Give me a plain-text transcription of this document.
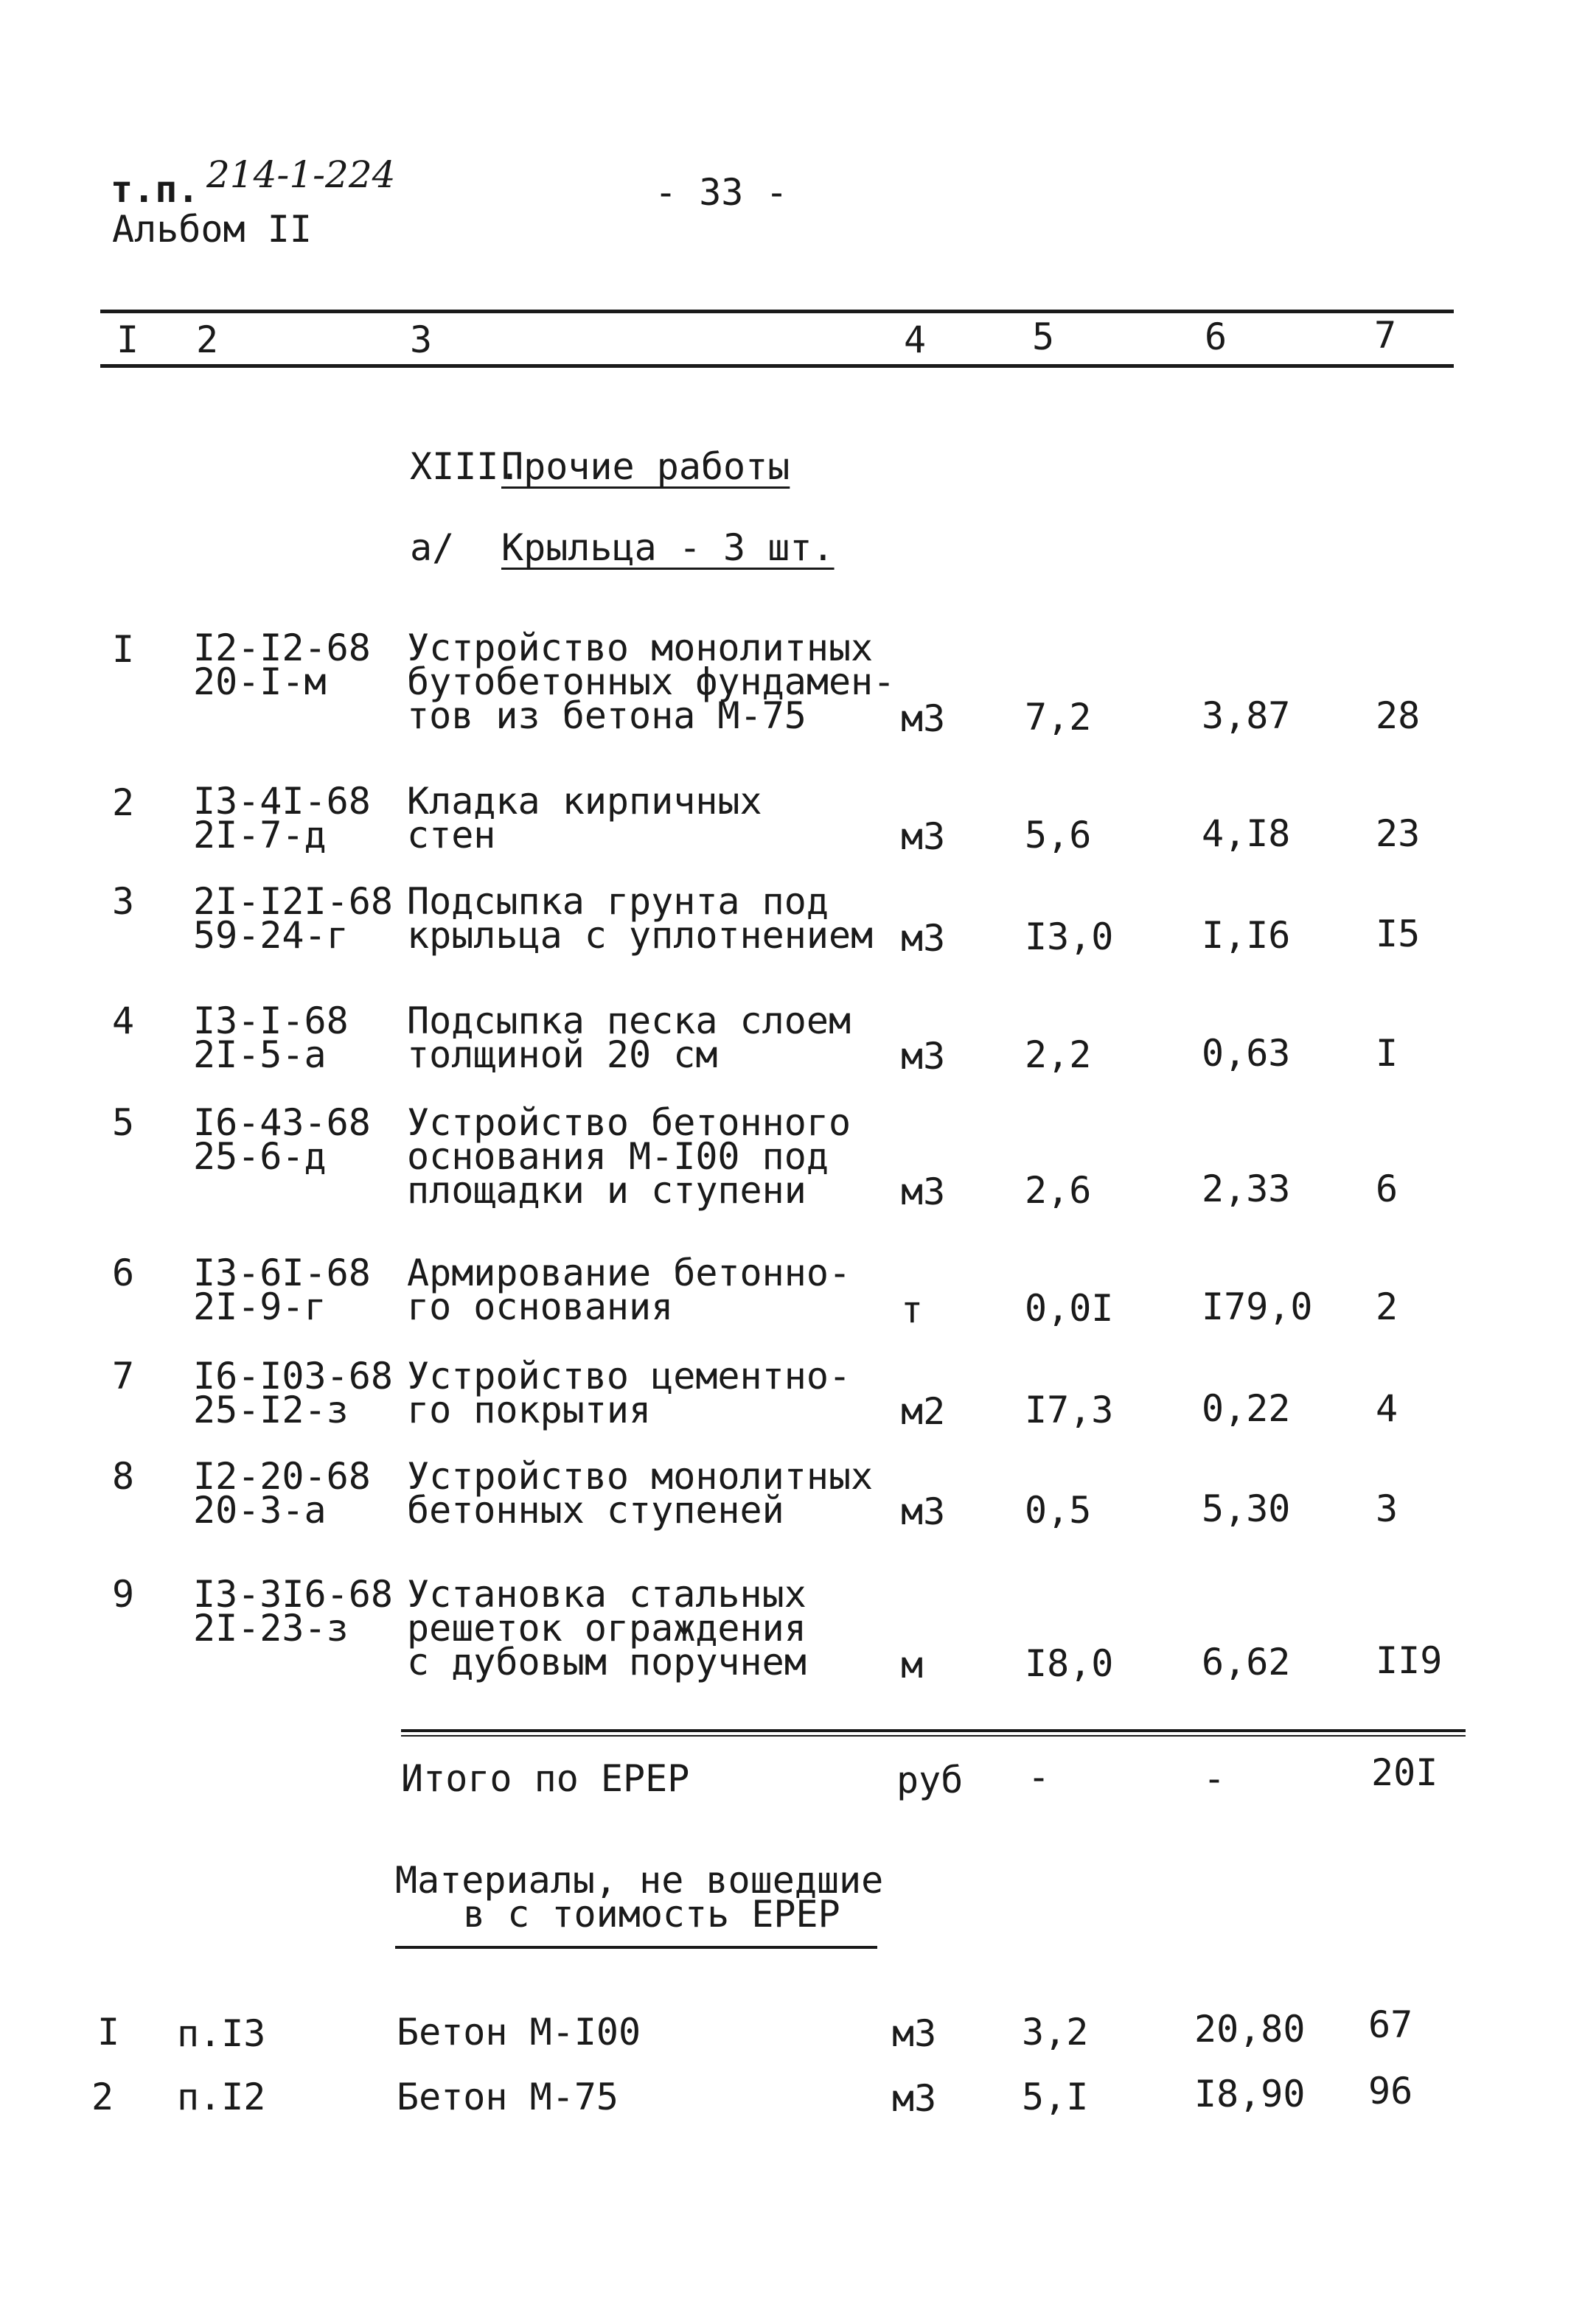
т.п. 214-1-224
Альбом II
- 33 -
I 2	3	4	5	6	7
XIII.
Прочие работы
а/ Крыльца - 3 шт.
I I2-I2-68
20-I-м
Устройство монолитных
бутобетонных фундамен-
тов из бетона М-75	м3 7,2	3,87 28
2 I3-4I-68
2I-7-д
Кладка кирпичных
стен	м3 5,6	4,I8 23
3 2I-I2I-68
59-24-г
Подсыпка грунта под
крыльца с уплотнением м3 I3,0 I,I6 I5
4 I3-I-68
2I-5-а
Подсыпка песка слоем
толщиной 20 см	м3 2,2	0,63 I
5 I6-43-68
25-6-д
Устройство бетонного
основания М-I00 под
площадки и ступени	м3 2,6	2,33 6
6 I3-6I-68
2I-9-г
Армирование бетонно-
го основания	т	0,0I I79,0 2
7 I6-I03-68
25-I2-з
Устройство цементно-
го покрытия	м2 I7,3 0,22 4
8 I2-20-68
20-3-а
Устройство монолитных
бетонных ступеней	м3 0,5	5,30 3
9 I3-3I6-68
2I-23-з
Установка стальных
решеток ограждения
с дубовым поручнем	м	I8,0 6,62 II9
Итого по ЕРЕР	руб -	-	20I
Материалы, не вошедшие
в с тоимость ЕРЕР
I п.I3	Бетон М-I00	м3 3,2	20,80 67
2 п.I2	Бетон М-75	м3 5,I	I8,90 96
